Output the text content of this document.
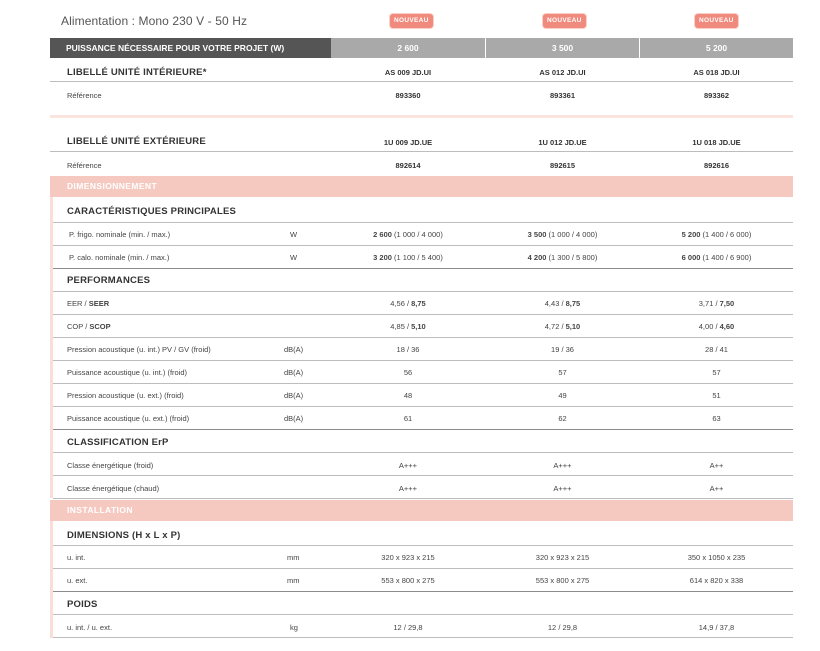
Alimentation : Mono 230 V - 50 Hz	NOUVEAU	NOUVEAU	NOUVEAU
PUISSANCE NÉCESSAIRE POUR VOTRE PROJET (W)	2 600	3 500	5 200
LIBELLÉ UNITÉ INTÉRIEURE*	AS 009 JD.UI	AS 012 JD.UI	AS 018 JD.UI
Référence	893360	893361	893362
LIBELLÉ UNITÉ EXTÉRIEURE	1U 009 JD.UE	1U 012 JD.UE	1U 018 JD.UE
Référence	892614	892615	892616
DIMENSIONNEMENT
CARACTÉRISTIQUES PRINCIPALES
P. frigo. nominale (min. / max.)	W	2 600 (1 000 / 4 000)	3 500 (1 000 / 4 000)	5 200 (1 400 / 6 000)
P. calo. nominale (min. / max.)	W	3 200 (1 100 / 5 400)	4 200 (1 300 / 5 800)	6 000 (1 400 / 6 900)
PERFORMANCES
EER / SEER	4,56 / 8,75	4,43 / 8,75	3,71 / 7,50
COP / SCOP	4,85 / 5,10	4,72 / 5,10	4,00 / 4,60
Pression acoustique (u. int.) PV / GV (froid)	dB(A)	18 / 36	19 / 36	28 / 41
Puissance acoustique (u. int.) (froid)	dB(A)	56	57	57
Pression acoustique (u. ext.) (froid)	dB(A)	48	49	51
Puissance acoustique (u. ext.) (froid)	dB(A)	61	62	63
CLASSIFICATION ErP
Classe énergétique (froid)	A+++	A+++	A++
Classe énergétique (chaud)	A+++	A+++	A++
INSTALLATION
DIMENSIONS (H x L x P)
u. int.	mm	320 x 923 x 215	320 x 923 x 215	350 x 1050 x 235
u. ext.	mm	553 x 800 x 275	553 x 800 x 275	614 x 820 x 338
POIDS
u. int. / u. ext.	kg	12 / 29,8	12 / 29,8	14,9 / 37,8
